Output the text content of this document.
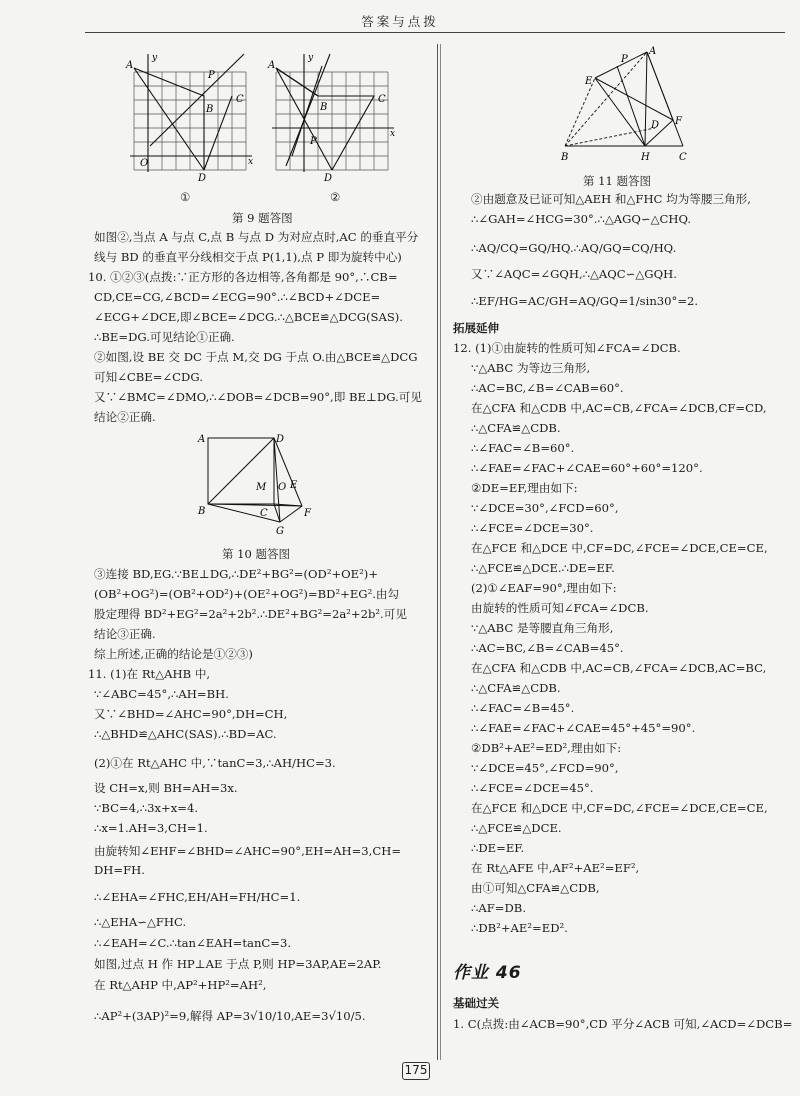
答案与点拨
A
y
P
B
C
O
D
x
①
A
y
B
C
P
D
x
②
第 9 题答图
如图②,当点 A 与点 C,点 B 与点 D 为对应点时,AC 的垂直平分
线与 BD 的垂直平分线相交于点 P(1,1),点 P 即为旋转中心)
10. ①②③(点拨:∵正方形的各边相等,各角都是 90°,∴CB=
CD,CE=CG,∠BCD=∠ECG=90°.∴∠BCD+∠DCE=
∠ECG+∠DCE,即∠BCE=∠DCG.∴△BCE≌△DCG(SAS).
∴BE=DG.可见结论①正确.
②如图,设 BE 交 DC 于点 M,交 DG 于点 O.由△BCE≌△DCG
可知∠CBE=∠CDG.
又∵∠BMC=∠DMO,∴∠DOB=∠DCB=90°,即 BE⊥DG.可见
结论②正确.
A	D
M O E
B	C	F
G
第 10 题答图
③连接 BD,EG.∵BE⊥DG,∴DE²+BG²=(OD²+OE²)+
(OB²+OG²)=(OB²+OD²)+(OE²+OG²)=BD²+EG².由勾
股定理得 BD²+EG²=2a²+2b².∴DE²+BG²=2a²+2b².可见
结论③正确.
综上所述,正确的结论是①②③)
11. (1)在 Rt△AHB 中,
∵∠ABC=45°,∴AH=BH.
又∵∠BHD=∠AHC=90°,DH=CH,
∴△BHD≌△AHC(SAS).∴BD=AC.
(2)①在 Rt△AHC 中,∵tanC=3,∴AH/HC=3.
设 CH=x,则 BH=AH=3x.
∵BC=4,∴3x+x=4.
∴x=1.AH=3,CH=1.
由旋转知∠EHF=∠BHD=∠AHC=90°,EH=AH=3,CH=
DH=FH.
∴∠EHA=∠FHC,EH/AH=FH/HC=1.
∴△EHA∽△FHC.
∴∠EAH=∠C.∴tan∠EAH=tanC=3.
如图,过点 H 作 HP⊥AE 于点 P,则 HP=3AP,AE=2AP.
在 Rt△AHP 中,AP²+HP²=AH²,
∴AP²+(3AP)²=9,解得 AP=3√10/10,AE=3√10/5.
A
P
E
D F
B	H	C
第 11 题答图
②由题意及已证可知△AEH 和△FHC 均为等腰三角形,
∴∠GAH=∠HCG=30°.∴△AGQ∽△CHQ.
∴AQ/CQ=GQ/HQ.∴AQ/GQ=CQ/HQ.
又∵∠AQC=∠GQH,∴△AQC∽△GQH.
∴EF/HG=AC/GH=AQ/GQ=1/sin30°=2.
拓展延伸
12. (1)①由旋转的性质可知∠FCA=∠DCB.
∵△ABC 为等边三角形,
∴AC=BC,∠B=∠CAB=60°.
在△CFA 和△CDB 中,AC=CB,∠FCA=∠DCB,CF=CD,
∴△CFA≌△CDB.
∴∠FAC=∠B=60°.
∴∠FAE=∠FAC+∠CAE=60°+60°=120°.
②DE=EF,理由如下:
∵∠DCE=30°,∠FCD=60°,
∴∠FCE=∠DCE=30°.
在△FCE 和△DCE 中,CF=DC,∠FCE=∠DCE,CE=CE,
∴△FCE≌△DCE.∴DE=EF.
(2)①∠EAF=90°,理由如下:
由旋转的性质可知∠FCA=∠DCB.
∵△ABC 是等腰直角三角形,
∴AC=BC,∠B=∠CAB=45°.
在△CFA 和△CDB 中,AC=CB,∠FCA=∠DCB,AC=BC,
∴△CFA≌△CDB.
∴∠FAC=∠B=45°.
∴∠FAE=∠FAC+∠CAE=45°+45°=90°.
②DB²+AE²=ED²,理由如下:
∵∠DCE=45°,∠FCD=90°,
∴∠FCE=∠DCE=45°.
在△FCE 和△DCE 中,CF=DC,∠FCE=∠DCE,CE=CE,
∴△FCE≌△DCE.
∴DE=EF.
在 Rt△AFE 中,AF²+AE²=EF²,
由①可知△CFA≌△CDB,
∴AF=DB.
∴DB²+AE²=ED².
作业 46
基础过关
1. C(点拨:由∠ACB=90°,CD 平分∠ACB 可知,∠ACD=∠DCB=
175
